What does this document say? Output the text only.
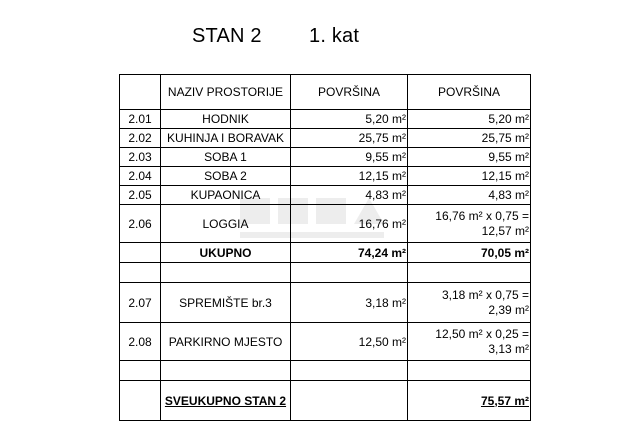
STAN 2 1. kat
	NAZIV PROSTORIJE	POVRŠINA	POVRŠINA
2.01	HODNIK	5,20 m²	5,20 m²
2.02	KUHINJA I BORAVAK	25,75 m²	25,75 m²
2.03	SOBA 1	9,55 m²	9,55 m²
2.04	SOBA 2	12,15 m²	12,15 m²
2.05	KUPAONICA	4,83 m²	4,83 m²
2.06	LOGGIA	16,76 m²	16,76 m² x 0,75 =
12,57 m²

	UKUPNO	74,24 m²	70,05 m²

2.07	SPREMIŠTE br.3	3,18 m²	3,18 m² x 0,75 =
2,39 m²

2.08	PARKIRNO MJESTO	12,50 m²	12,50 m² x 0,25 =
3,13 m²

	SVEUKUPNO STAN 2		75,57 m²
